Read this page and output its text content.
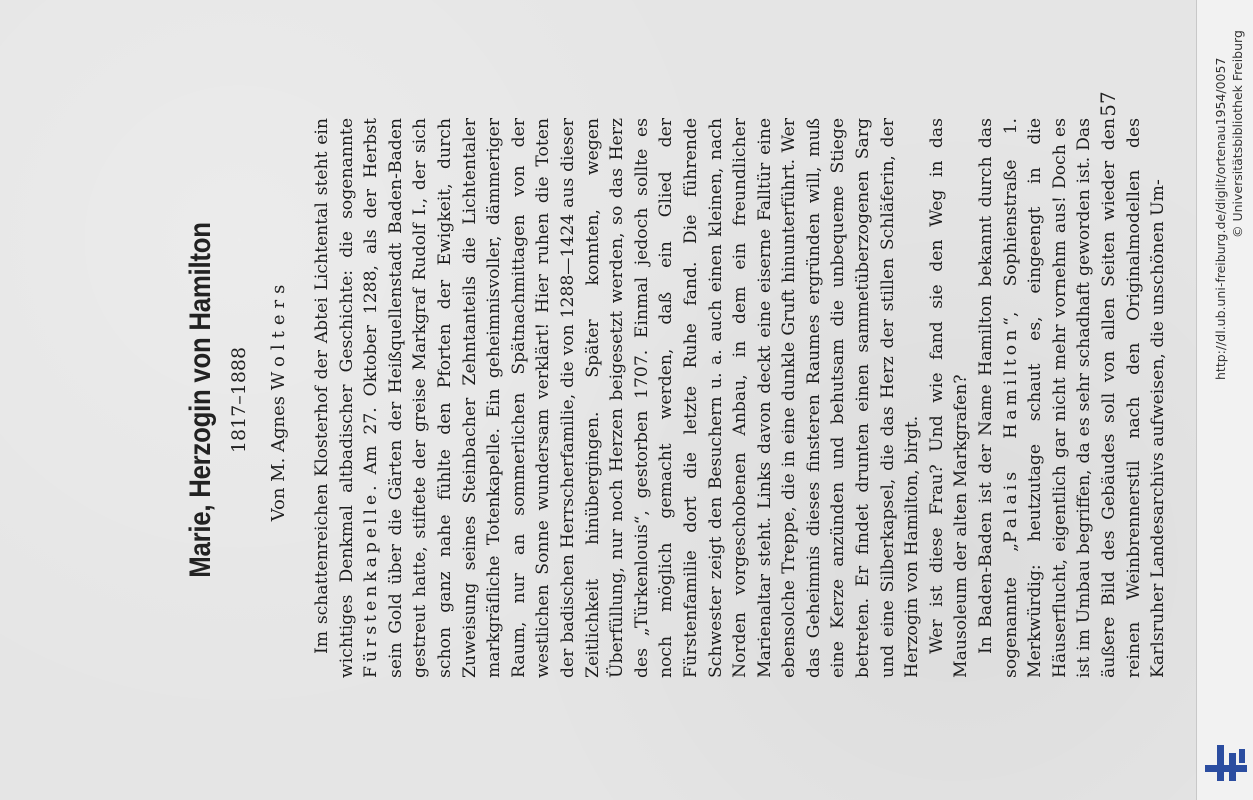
Marie, Herzogin von Hamilton 1817–1888 Von M. Agnes Wolters Im schattenreichen Klosterhof der Abtei Lichtental steht ein wichtiges Denkmal altbadischer Geschichte: die sogenannte Fürstenkapelle. Am 27. Oktober 1288, als der Herbst sein Gold über die Gärten der Heißquellenstadt Baden-Baden gestreut hatte, stiftete der greise Markgraf Rudolf I., der sich schon ganz nahe fühlte den Pforten der Ewigkeit, durch Zuweisung seines Steinbacher Zehntanteils die Lichtentaler markgräfliche Totenkapelle. Ein geheimnisvoller, dämmeriger Raum, nur an sommerlichen Spätnachmittagen von der westlichen Sonne wundersam verklärt! Hier ruhen die Toten der badischen Herrscherfamilie, die von 1288—1424 aus dieser Zeitlichkeit hinübergingen. Später konnten, wegen Überfüllung, nur noch Herzen beigesetzt werden, so das Herz des „Türkenlouis“, gestorben 1707. Einmal jedoch sollte es noch möglich gemacht werden, daß ein Glied der Fürstenfamilie dort die letzte Ruhe fand. Die führende Schwester zeigt den Besuchern u. a. auch einen kleinen, nach Norden vorgeschobenen Anbau, in dem ein freundlicher Marienaltar steht. Links davon deckt eine eiserne Falltür eine ebensolche Treppe, die in eine dunkle Gruft hinunterführt. Wer das Geheimnis dieses finsteren Raumes ergründen will, muß eine Kerze anzünden und behutsam die unbequeme Stiege betreten. Er findet drunten einen sammetüberzogenen Sarg und eine Silberkapsel, die das Herz der stillen Schläferin, der Herzogin von Hamilton, birgt. Wer ist diese Frau? Und wie fand sie den Weg in das Mausoleum der alten Markgrafen? In Baden-Baden ist der Name Hamilton bekannt durch das sogenannte „Palais Hamilton“, Sophienstraße 1. Merkwürdig: heutzutage schaut es, eingeengt in die Häuserflucht, eigentlich gar nicht mehr vornehm aus! Doch es ist im Umbau begriffen, da es sehr schadhaft geworden ist. Das äußere Bild des Gebäudes soll von allen Seiten wieder den reinen Weinbrennerstil nach den Originalmodellen des Karlsruher Landesarchivs aufweisen, die unschönen Um-

57	http://dl.ub.uni-freiburg.de/diglit/ortenau1954/0057 © Universitätsbibliothek Freiburg
